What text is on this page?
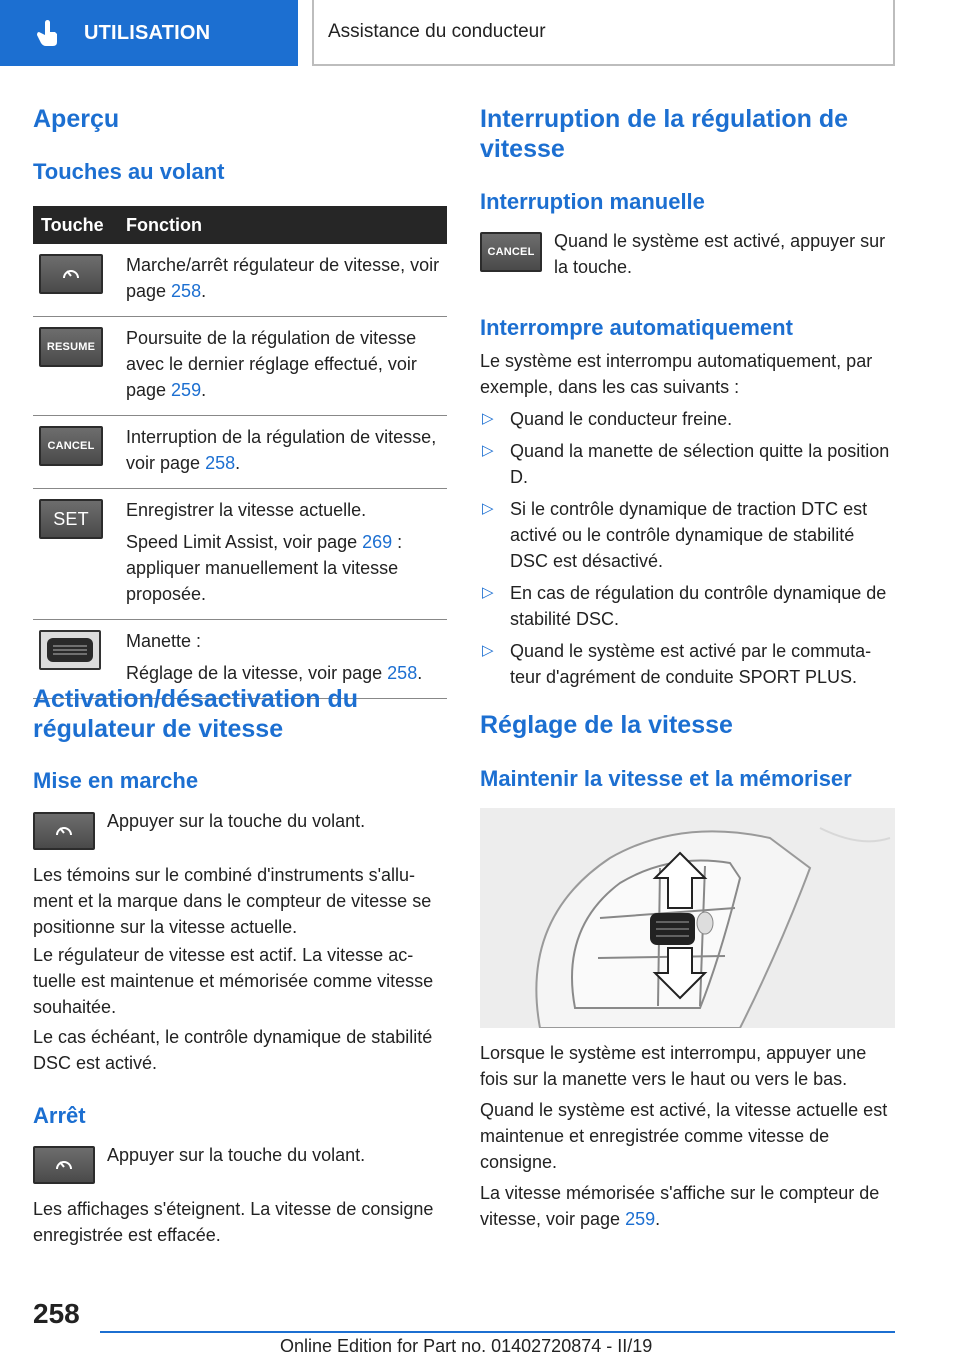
UTILISATION	Assistance du conducteur
Aperçu
Touches au volant
Touche	Fonction

Marche/arrêt régulateur de vitesse, voir page 258.

RESUME	Poursuite de la régulation de vitesse avec le dernier réglage effectué, voir page 259.

CANCEL	Interruption de la régulation de vitesse, voir page 258.

SET	Enregistrer la vitesse actuelle.

Speed Limit Assist, voir page 269 : appliquer manuellement la vitesse proposée.

Manette :

Réglage de la vitesse, voir page 258.

Activation/désactivation du régulateur de vitesse
Mise en marche

Appuyer sur la touche du volant.

Les témoins sur le combiné d'instruments s'allument et la marque dans le compteur de vitesse se positionne sur la vitesse actuelle.

Le régulateur de vitesse est actif. La vitesse actuelle est maintenue et mémorisée comme vitesse souhaitée.

Le cas échéant, le contrôle dynamique de stabilité DSC est activé.

Arrêt

Appuyer sur la touche du volant.

Les affichages s'éteignent. La vitesse de consigne enregistrée est effacée.

Interruption de la régulation de vitesse
Interruption manuelle
CANCEL

Quand le système est activé, appuyer sur la touche.

Interrompre automatiquement

Le système est interrompu automatiquement, par exemple, dans les cas suivants :

▷ Quand le conducteur freine.
▷ Quand la manette de sélection quitte la position D.
▷ Si le contrôle dynamique de traction DTC est activé ou le contrôle dynamique de stabilité DSC est désactivé.
▷ En cas de régulation du contrôle dynamique de stabilité DSC.
▷ Quand le système est activé par le commutateur d'agrément de conduite SPORT PLUS.
Réglage de la vitesse
Maintenir la vitesse et la mémoriser

Lorsque le système est interrompu, appuyer une fois sur la manette vers le haut ou vers le bas.

Quand le système est activé, la vitesse actuelle est maintenue et enregistrée comme vitesse de consigne.

La vitesse mémorisée s'affiche sur le compteur de vitesse, voir page 259.

258
Online Edition for Part no. 01402720874 - II/19
